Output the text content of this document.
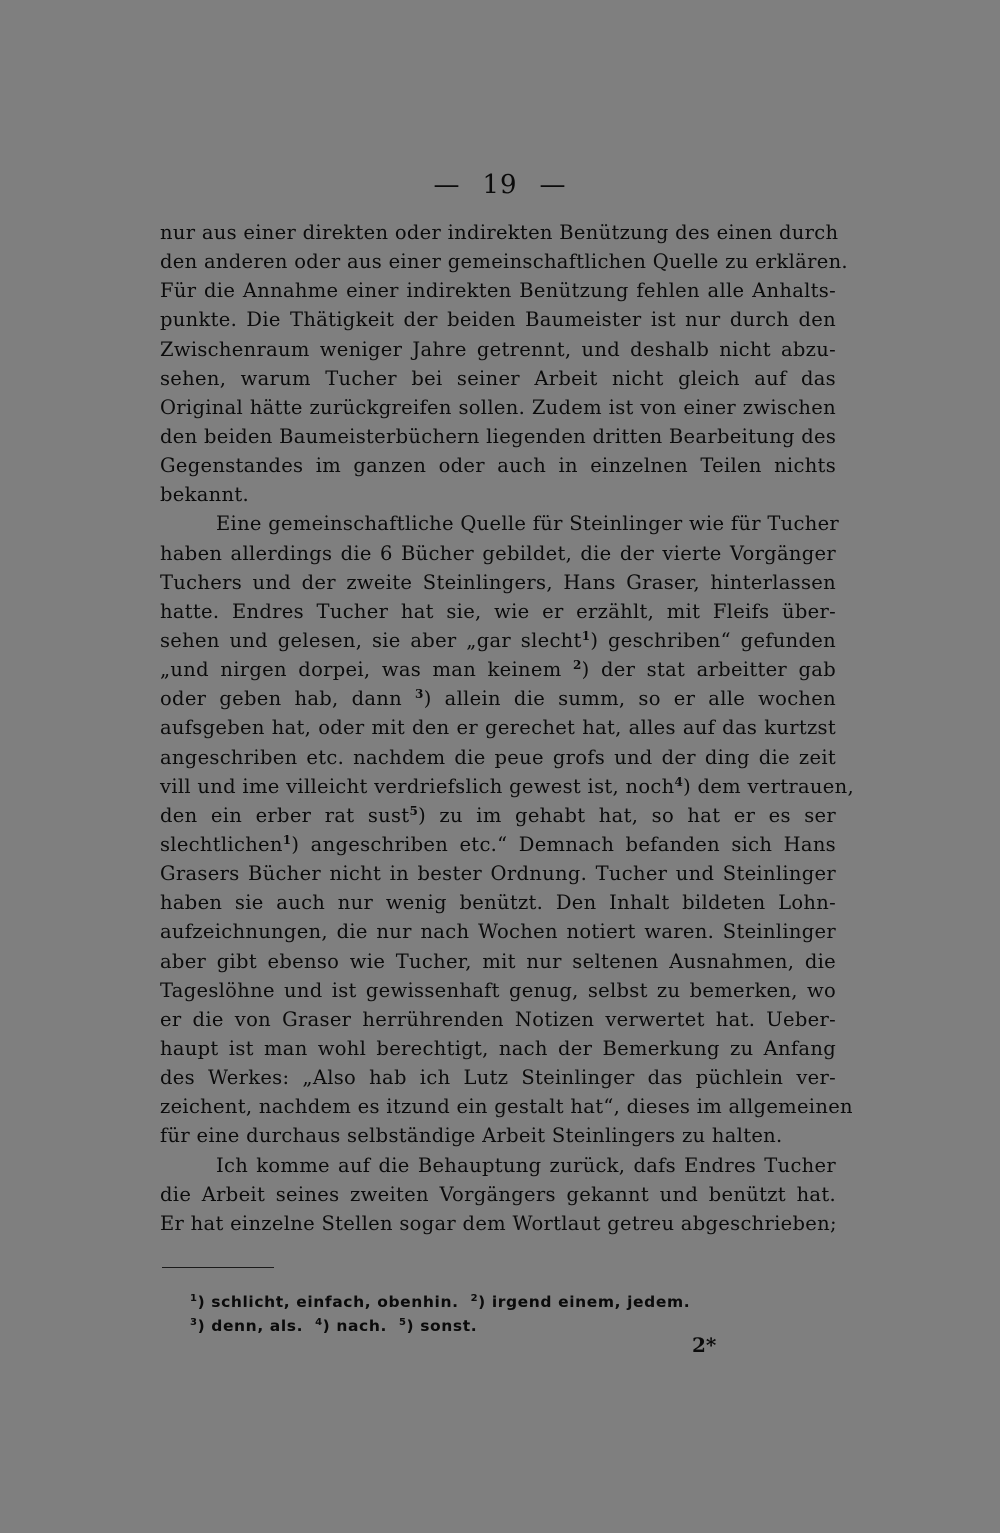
— 19 —
nur aus einer direkten oder indirekten Benützung des einen durch
den anderen oder aus einer gemeinschaftlichen Quelle zu erklären.
Für die Annahme einer indirekten Benützung fehlen alle Anhalts-
punkte. Die Thätigkeit der beiden Baumeister ist nur durch den
Zwischenraum weniger Jahre getrennt, und deshalb nicht abzu-
sehen, warum Tucher bei seiner Arbeit nicht gleich auf das
Original hätte zurückgreifen sollen. Zudem ist von einer zwischen
den beiden Baumeisterbüchern liegenden dritten Bearbeitung des
Gegenstandes im ganzen oder auch in einzelnen Teilen nichts
bekannt.
Eine gemeinschaftliche Quelle für Steinlinger wie für Tucher
haben allerdings die 6 Bücher gebildet, die der vierte Vorgänger
Tuchers und der zweite Steinlingers, Hans Graser, hinterlassen
hatte. Endres Tucher hat sie, wie er erzählt, mit Fleifs über-
sehen und gelesen, sie aber „gar slecht$^1$) geschriben“ gefunden
„und nirgen dorpei, was man keinem $^2$) der stat arbeitter gab
oder geben hab, dann $^3$) allein die summ, so er alle wochen
aufsgeben hat, oder mit den er gerechet hat, alles auf das kurtzst
angeschriben etc. nachdem die peue grofs und der ding die zeit
vill und ime villeicht verdriefslich gewest ist, noch$^4$) dem vertrauen,
den ein erber rat sust$^5$) zu im gehabt hat, so hat er es ser
slechtlichen$^1$) angeschriben etc.“ Demnach befanden sich Hans
Grasers Bücher nicht in bester Ordnung. Tucher und Steinlinger
haben sie auch nur wenig benützt. Den Inhalt bildeten Lohn-
aufzeichnungen, die nur nach Wochen notiert waren. Steinlinger
aber gibt ebenso wie Tucher, mit nur seltenen Ausnahmen, die
Tageslöhne und ist gewissenhaft genug, selbst zu bemerken, wo
er die von Graser herrührenden Notizen verwertet hat. Ueber-
haupt ist man wohl berechtigt, nach der Bemerkung zu Anfang
des Werkes: „Also hab ich Lutz Steinlinger das püchlein ver-
zeichent, nachdem es itzund ein gestalt hat“, dieses im allgemeinen
für eine durchaus selbständige Arbeit Steinlingers zu halten.
Ich komme auf die Behauptung zurück, dafs Endres Tucher
die Arbeit seines zweiten Vorgängers gekannt und benützt hat.
Er hat einzelne Stellen sogar dem Wortlaut getreu abgeschrieben;
$^1$) schlicht, einfach, obenhin. $^2$) irgend einem, jedem.
$^3$) denn, als. $^4$) nach. $^5$) sonst.
2*
